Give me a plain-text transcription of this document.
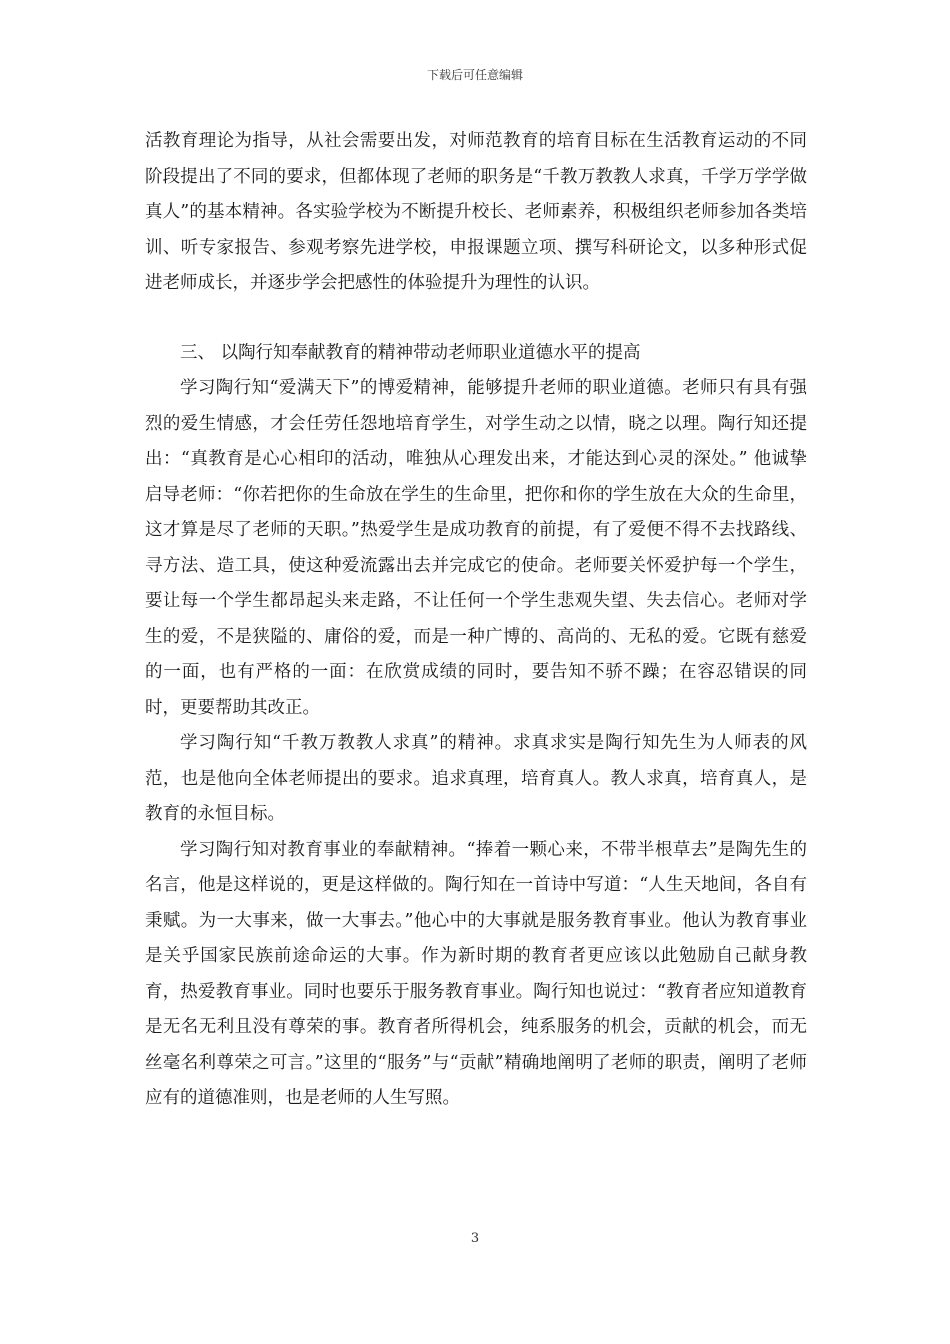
下载后可任意编辑

活教育理论为指导，从社会需要出发，对师范教育的培育目标在生活教育运动的不同阶段提出了不同的要求，但都体现了老师的职务是“千教万教教人求真，千学万学学做真人”的基本精神。各实验学校为不断提升校长、老师素养，积极组织老师参加各类培训、听专家报告、参观考察先进学校，申报课题立项、撰写科研论文，以多种形式促进老师成长，并逐步学会把感性的体验提升为理性的认识。

三、 以陶行知奉献教育的精神带动老师职业道德水平的提高

学习陶行知“爱满天下”的博爱精神，能够提升老师的职业道德。老师只有具有强烈的爱生情感，才会任劳任怨地培育学生，对学生动之以情，晓之以理。陶行知还提出：“真教育是心心相印的活动，唯独从心理发出来，才能达到心灵的深处。” 他诚挚启导老师：“你若把你的生命放在学生的生命里，把你和你的学生放在大众的生命里，这才算是尽了老师的天职。”热爱学生是成功教育的前提，有了爱便不得不去找路线、寻方法、造工具，使这种爱流露出去并完成它的使命。老师要关怀爱护每一个学生，要让每一个学生都昂起头来走路，不让任何一个学生悲观失望、失去信心。老师对学生的爱，不是狭隘的、庸俗的爱，而是一种广博的、高尚的、无私的爱。它既有慈爱的一面，也有严格的一面：在欣赏成绩的同时，要告知不骄不躁；在容忍错误的同时，更要帮助其改正。

学习陶行知“千教万教教人求真”的精神。求真求实是陶行知先生为人师表的风范，也是他向全体老师提出的要求。追求真理，培育真人。教人求真，培育真人，是教育的永恒目标。

学习陶行知对教育事业的奉献精神。“捧着一颗心来，不带半根草去”是陶先生的名言，他是这样说的，更是这样做的。陶行知在一首诗中写道：“人生天地间，各自有秉赋。为一大事来，做一大事去。”他心中的大事就是服务教育事业。他认为教育事业是关乎国家民族前途命运的大事。作为新时期的教育者更应该以此勉励自己献身教育，热爱教育事业。同时也要乐于服务教育事业。陶行知也说过：“教育者应知道教育是无名无利且没有尊荣的事。教育者所得机会，纯系服务的机会，贡献的机会，而无丝毫名利尊荣之可言。”这里的“服务”与“贡献”精确地阐明了老师的职责，阐明了老师应有的道德准则，也是老师的人生写照。

3
